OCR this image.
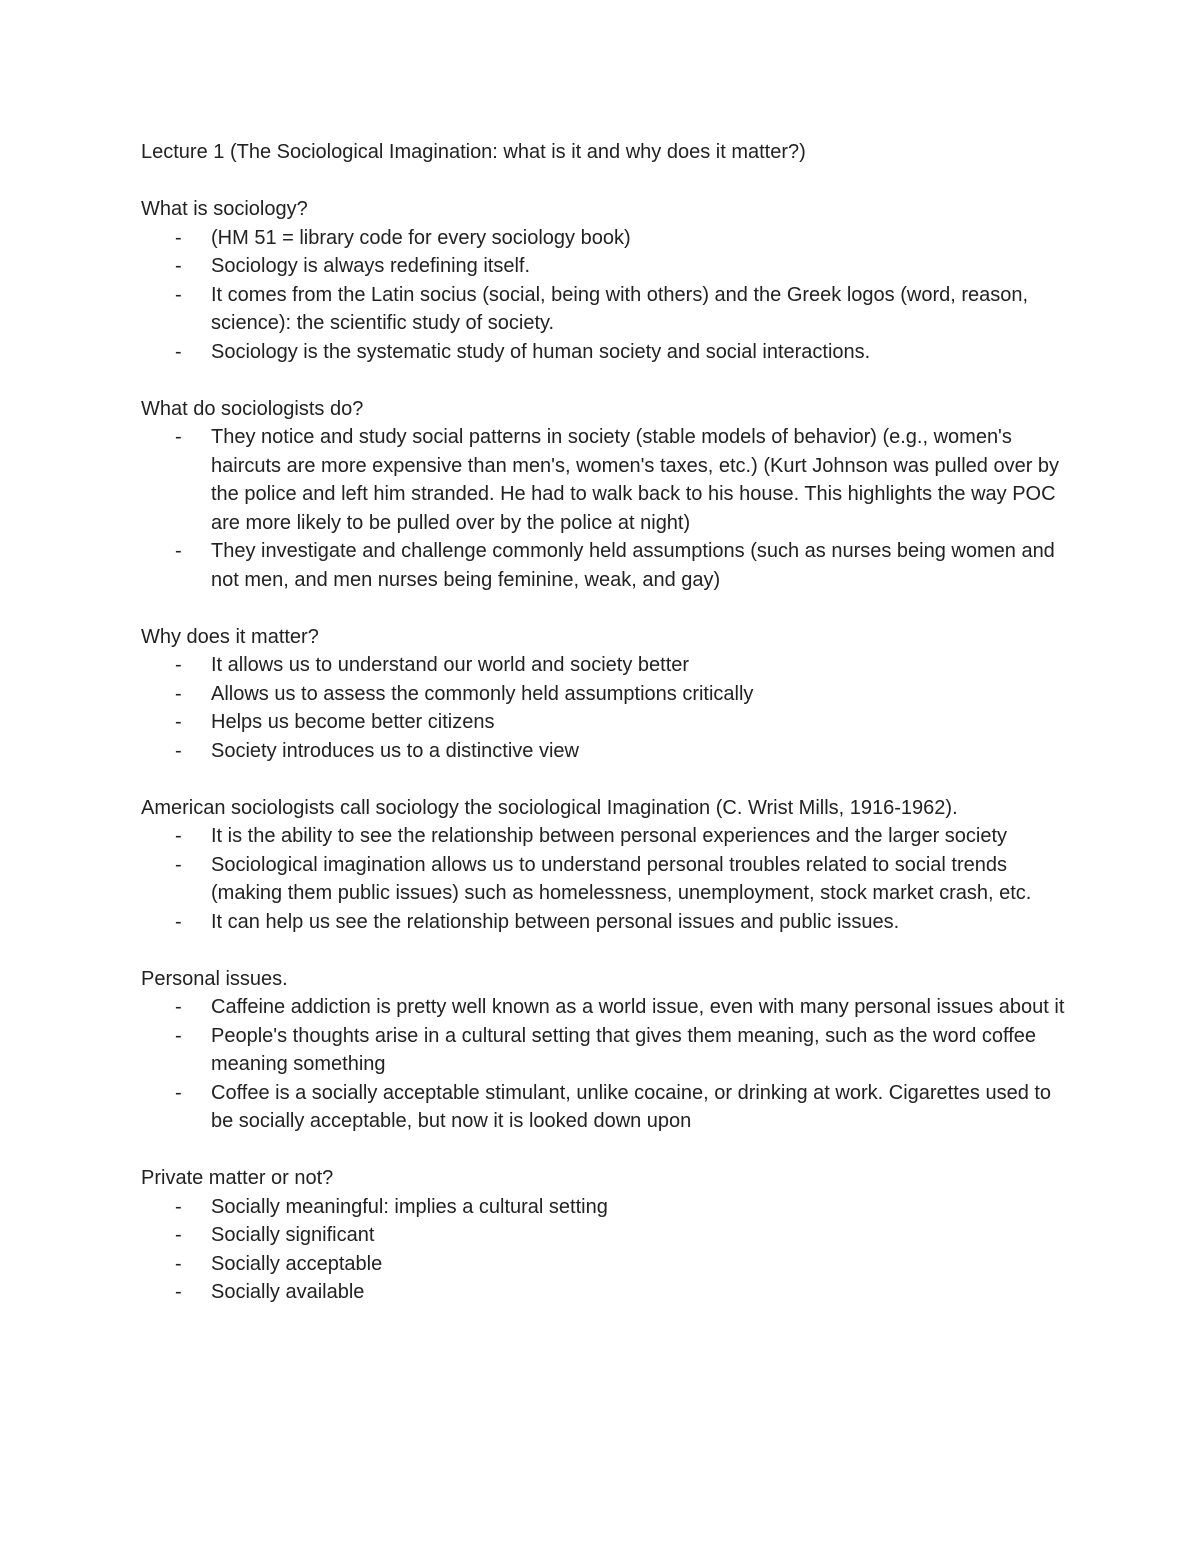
Lecture 1 (The Sociological Imagination: what is it and why does it matter?)

What is sociology?

- (HM 51 = library code for every sociology book)
- Sociology is always redefining itself.
- It comes from the Latin socius (social, being with others) and the Greek logos (word, reason, science): the scientific study of society.
- Sociology is the systematic study of human society and social interactions.

What do sociologists do?

- They notice and study social patterns in society (stable models of behavior) (e.g., women's haircuts are more expensive than men's, women's taxes, etc.) (Kurt Johnson was pulled over by the police and left him stranded. He had to walk back to his house. This highlights the way POC are more likely to be pulled over by the police at night)
- They investigate and challenge commonly held assumptions (such as nurses being women and not men, and men nurses being feminine, weak, and gay)

Why does it matter?

- It allows us to understand our world and society better
- Allows us to assess the commonly held assumptions critically
- Helps us become better citizens
- Society introduces us to a distinctive view

American sociologists call sociology the sociological Imagination (C. Wrist Mills, 1916-1962).

- It is the ability to see the relationship between personal experiences and the larger society
- Sociological imagination allows us to understand personal troubles related to social trends (making them public issues) such as homelessness, unemployment, stock market crash, etc.
- It can help us see the relationship between personal issues and public issues.

Personal issues.

- Caffeine addiction is pretty well known as a world issue, even with many personal issues about it
- People's thoughts arise in a cultural setting that gives them meaning, such as the word coffee meaning something
- Coffee is a socially acceptable stimulant, unlike cocaine, or drinking at work. Cigarettes used to be socially acceptable, but now it is looked down upon

Private matter or not?

- Socially meaningful: implies a cultural setting
- Socially significant
- Socially acceptable
- Socially available
